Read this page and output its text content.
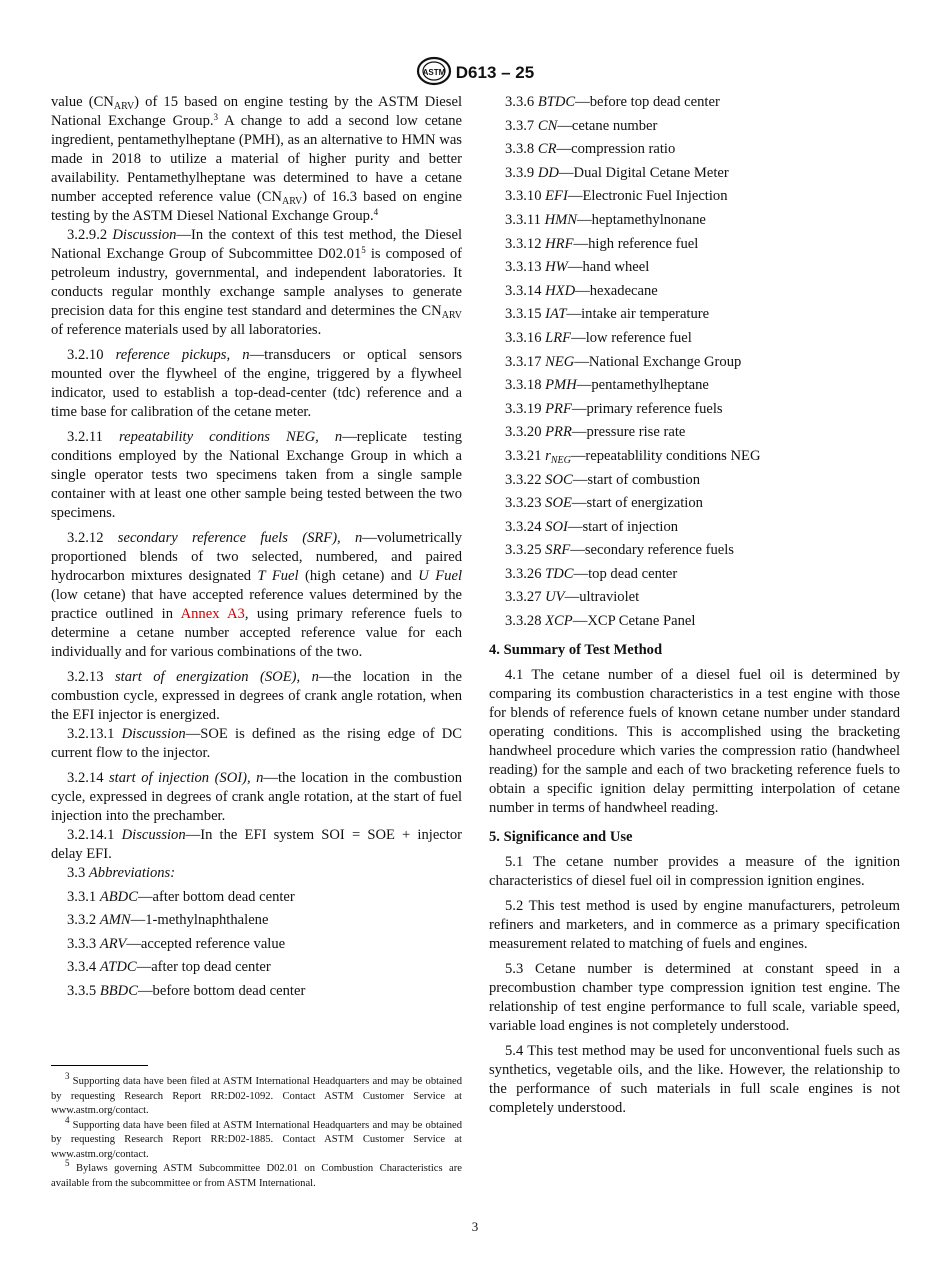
ASTM D613 – 25

value $(CN_{ARV})$ of 15 based on engine testing by the ASTM Diesel National Exchange Group.$^3$ A change to add a second low cetane ingredient, pentamethylheptane (PMH), as an alternative to HMN was made in 2018 to utilize a material of higher purity and better availability. Pentamethylheptane was determined to have a cetane number accepted reference value $(CN_{ARV})$ of 16.3 based on engine testing by the ASTM Diesel National Exchange Group.$^4$

3.2.9.2 Discussion—In the context of this test method, the Diesel National Exchange Group of Subcommittee D02.01$^5$ is composed of petroleum industry, governmental, and independent laboratories. It conducts regular monthly exchange sample analyses to generate precision data for this engine test standard and determines the $CN_{ARV}$ of reference materials used by all laboratories.

3.2.10 reference pickups, n—transducers or optical sensors mounted over the flywheel of the engine, triggered by a flywheel indicator, used to establish a top-dead-center (tdc) reference and a time base for calibration of the cetane meter.

3.2.11 repeatability conditions NEG, n—replicate testing conditions employed by the National Exchange Group in which a single operator tests two specimens taken from a single sample container with at least one other sample being tested between the two specimens.

3.2.12 secondary reference fuels (SRF), n—volumetrically proportioned blends of two selected, numbered, and paired hydrocarbon mixtures designated T Fuel (high cetane) and U Fuel (low cetane) that have accepted reference values determined by the practice outlined in Annex A3, using primary reference fuels to determine a cetane number accepted reference value for each individually and for various combinations of the two.

3.2.13 start of energization (SOE), n—the location in the combustion cycle, expressed in degrees of crank angle rotation, when the EFI injector is energized.

3.2.13.1 Discussion—SOE is defined as the rising edge of DC current flow to the injector.

3.2.14 start of injection (SOI), n—the location in the combustion cycle, expressed in degrees of crank angle rotation, at the start of fuel injection into the prechamber.

3.2.14.1 Discussion—In the EFI system SOI = SOE + injector delay EFI.

3.3 Abbreviations:

3.3.1 ABDC—after bottom dead center

3.3.2 AMN—1-methylnaphthalene

3.3.3 ARV—accepted reference value

3.3.4 ATDC—after top dead center

3.3.5 BBDC—before bottom dead center

3.3.6 BTDC—before top dead center

3.3.7 CN—cetane number

3.3.8 CR—compression ratio

3.3.9 DD—Dual Digital Cetane Meter

3.3.10 EFI—Electronic Fuel Injection

3.3.11 HMN—heptamethylnonane

3.3.12 HRF—high reference fuel

3.3.13 HW—hand wheel

3.3.14 HXD—hexadecane

3.3.15 IAT—intake air temperature

3.3.16 LRF—low reference fuel

3.3.17 NEG—National Exchange Group

3.3.18 PMH—pentamethylheptane

3.3.19 PRF—primary reference fuels

3.3.20 PRR—pressure rise rate

3.3.21 $r_{NEG}—repeatablility$ conditions NEG

3.3.22 SOC—start of combustion

3.3.23 SOE—start of energization

3.3.24 SOI—start of injection

3.3.25 SRF—secondary reference fuels

3.3.26 TDC—top dead center

3.3.27 UV—ultraviolet

3.3.28 XCP—XCP Cetane Panel

4. Summary of Test Method

4.1 The cetane number of a diesel fuel oil is determined by comparing its combustion characteristics in a test engine with those for blends of reference fuels of known cetane number under standard operating conditions. This is accomplished using the bracketing handwheel procedure which varies the compression ratio (handwheel reading) for the sample and each of two bracketing reference fuels to obtain a specific ignition delay permitting interpolation of cetane number in terms of handwheel reading.

5. Significance and Use

5.1 The cetane number provides a measure of the ignition characteristics of diesel fuel oil in compression ignition engines.

5.2 This test method is used by engine manufacturers, petroleum refiners and marketers, and in commerce as a primary specification measurement related to matching of fuels and engines.

5.3 Cetane number is determined at constant speed in a precombustion chamber type compression ignition test engine. The relationship of test engine performance to full scale, variable speed, variable load engines is not completely understood.

5.4 This test method may be used for unconventional fuels such as synthetics, vegetable oils, and the like. However, the relationship to the performance of such materials in full scale engines is not completely understood.

$^3$ Supporting data have been filed at ASTM International Headquarters and may be obtained by requesting Research Report RR:D02-1092. Contact ASTM Customer Service at www.astm.org/contact.

$^4$ Supporting data have been filed at ASTM International Headquarters and may be obtained by requesting Research Report RR:D02-1885. Contact ASTM Customer Service at www.astm.org/contact.

$^5$ Bylaws governing ASTM Subcommittee D02.01 on Combustion Characteristics are available from the subcommittee or from ASTM International.

3
